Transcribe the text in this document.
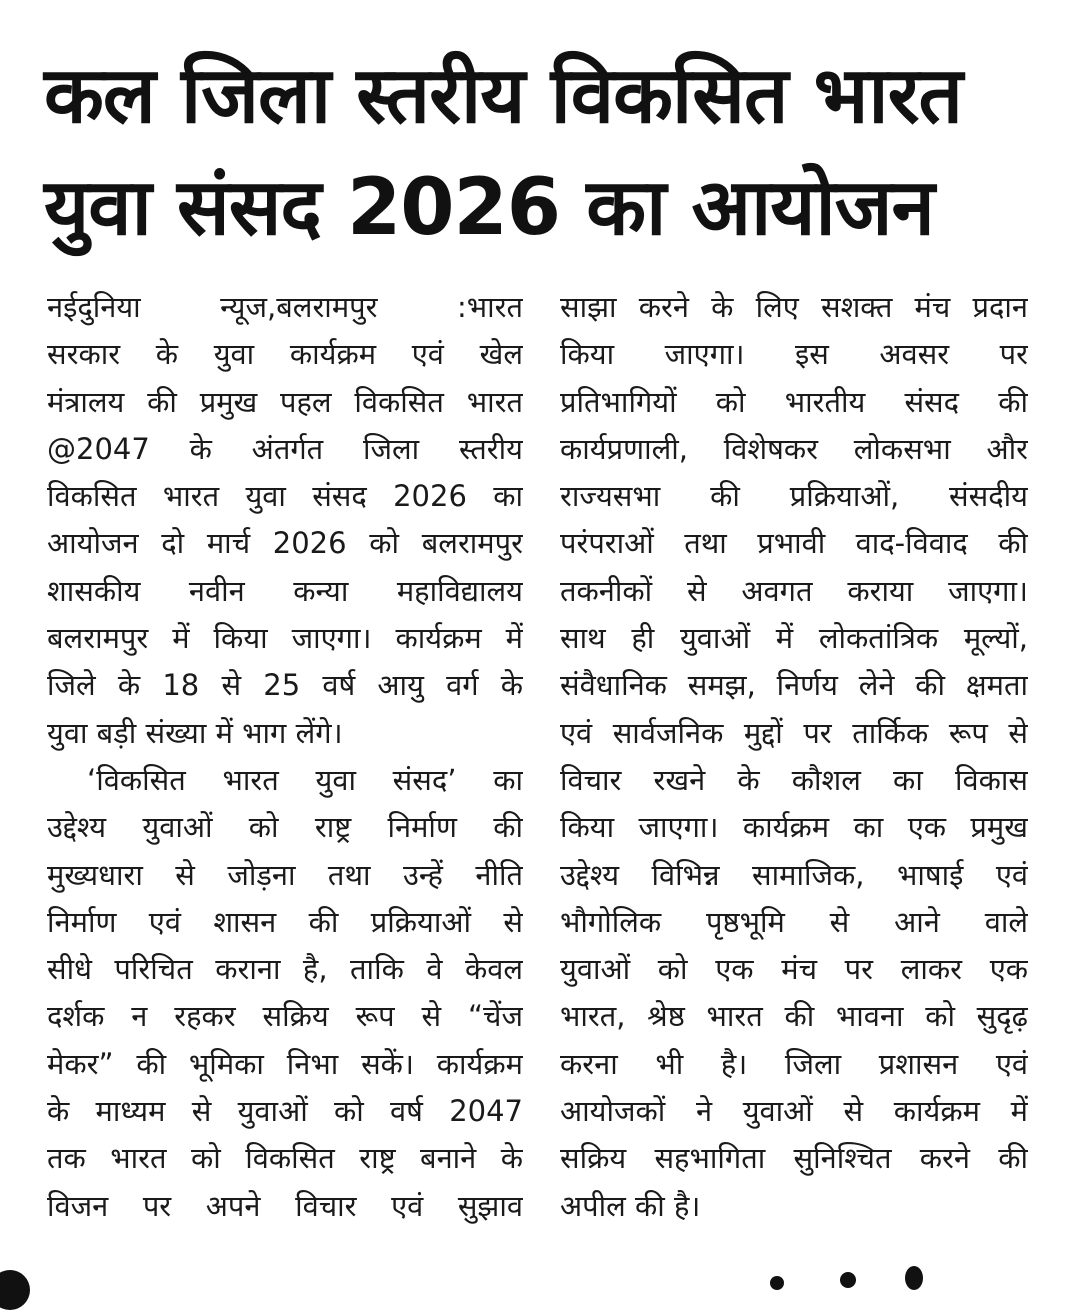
कल जिला स्तरीय विकसित भारत
युवा संसद 2026 का आयोजन
नईदुनिया न्यूज,बलरामपुर :भारत
सरकार के युवा कार्यक्रम एवं खेल
मंत्रालय की प्रमुख पहल विकसित भारत
@2047 के अंतर्गत जिला स्तरीय
विकसित भारत युवा संसद 2026 का
आयोजन दो मार्च 2026 को बलरामपुर
शासकीय नवीन कन्या महाविद्यालय
बलरामपुर में किया जाएगा। कार्यक्रम में
जिले के 18 से 25 वर्ष आयु वर्ग के
युवा बड़ी संख्या में भाग लेंगे।
‘विकसित भारत युवा संसद’ का
उद्देश्य युवाओं को राष्ट्र निर्माण की
मुख्यधारा से जोड़ना तथा उन्हें नीति
निर्माण एवं शासन की प्रक्रियाओं से
सीधे परिचित कराना है, ताकि वे केवल
दर्शक न रहकर सक्रिय रूप से “चेंज
मेकर” की भूमिका निभा सकें। कार्यक्रम
के माध्यम से युवाओं को वर्ष 2047
तक भारत को विकसित राष्ट्र बनाने के
विजन पर अपने विचार एवं सुझाव
साझा करने के लिए सशक्त मंच प्रदान
किया जाएगा। इस अवसर पर
प्रतिभागियों को भारतीय संसद की
कार्यप्रणाली, विशेषकर लोकसभा और
राज्यसभा की प्रक्रियाओं, संसदीय
परंपराओं तथा प्रभावी वाद-विवाद की
तकनीकों से अवगत कराया जाएगा।
साथ ही युवाओं में लोकतांत्रिक मूल्यों,
संवैधानिक समझ, निर्णय लेने की क्षमता
एवं सार्वजनिक मुद्दों पर तार्किक रूप से
विचार रखने के कौशल का विकास
किया जाएगा। कार्यक्रम का एक प्रमुख
उद्देश्य विभिन्न सामाजिक, भाषाई एवं
भौगोलिक पृष्ठभूमि से आने वाले
युवाओं को एक मंच पर लाकर एक
भारत, श्रेष्ठ भारत की भावना को सुदृढ़
करना भी है। जिला प्रशासन एवं
आयोजकों ने युवाओं से कार्यक्रम में
सक्रिय सहभागिता सुनिश्चित करने की
अपील की है।
